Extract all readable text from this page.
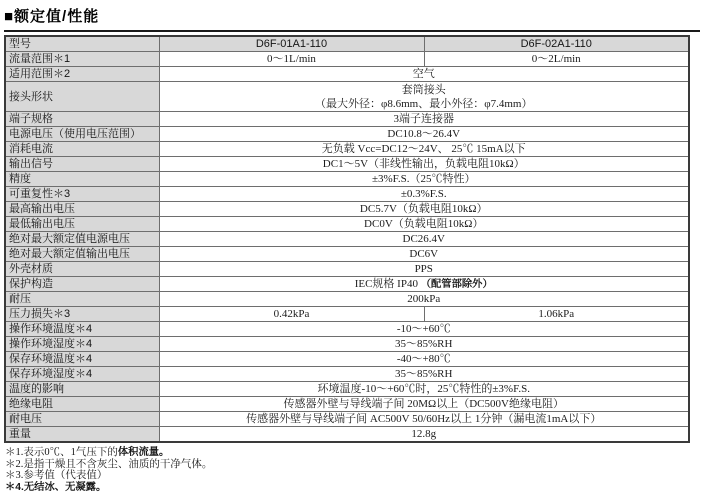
■额定值/性能
型号	D6F-01A1-110	D6F-02A1-110
流量范围＊1	0～1L/min	0～2L/min
适用范围＊2	空气	
接头形状	套筒接头
（最大外径：φ8.6mm、最小外径：φ7.4mm）	
端子规格	3端子连接器	
电源电压（使用电压范围）	DC10.8～26.4V	
消耗电流	无负载 Vcc=DC12～24V、 25℃ 15mA以下	
输出信号	DC1～5V（非线性输出，负载电阻10kΩ）	
精度	±3%F.S.（25℃特性）	
可重复性＊3	±0.3%F.S.	
最高输出电压	DC5.7V（负载电阻10kΩ）	
最低输出电压	DC0V（负载电阻10kΩ）	
绝对最大额定值电源电压	DC26.4V	
绝对最大额定值输出电压	DC6V	
外壳材质	PPS	
保护构造	IEC规格 IP40 （配管部除外）	
耐压	200kPa	
压力损失＊3	0.42kPa	1.06kPa
操作环境温度＊4	-10～+60℃	
操作环境湿度＊4	35～85%RH	
保存环境温度＊4	-40～+80℃	
保存环境湿度＊4	35～85%RH	
温度的影响	环境温度-10～+60℃时，25℃特性的±3%F.S.	
绝缘电阻	传感器外壁与导线端子间 20MΩ以上（DC500V绝缘电阻）	
耐电压	传感器外壁与导线端子间 AC500V 50/60Hz以上 1分钟（漏电流1mA以下）	
重量	12.8g	
＊1.表示0℃、1气压下的体积流量。
＊2.是指干燥且不含灰尘、油质的干净气体。
＊3.参考值（代表值）
＊4.无结冰、无凝露。
